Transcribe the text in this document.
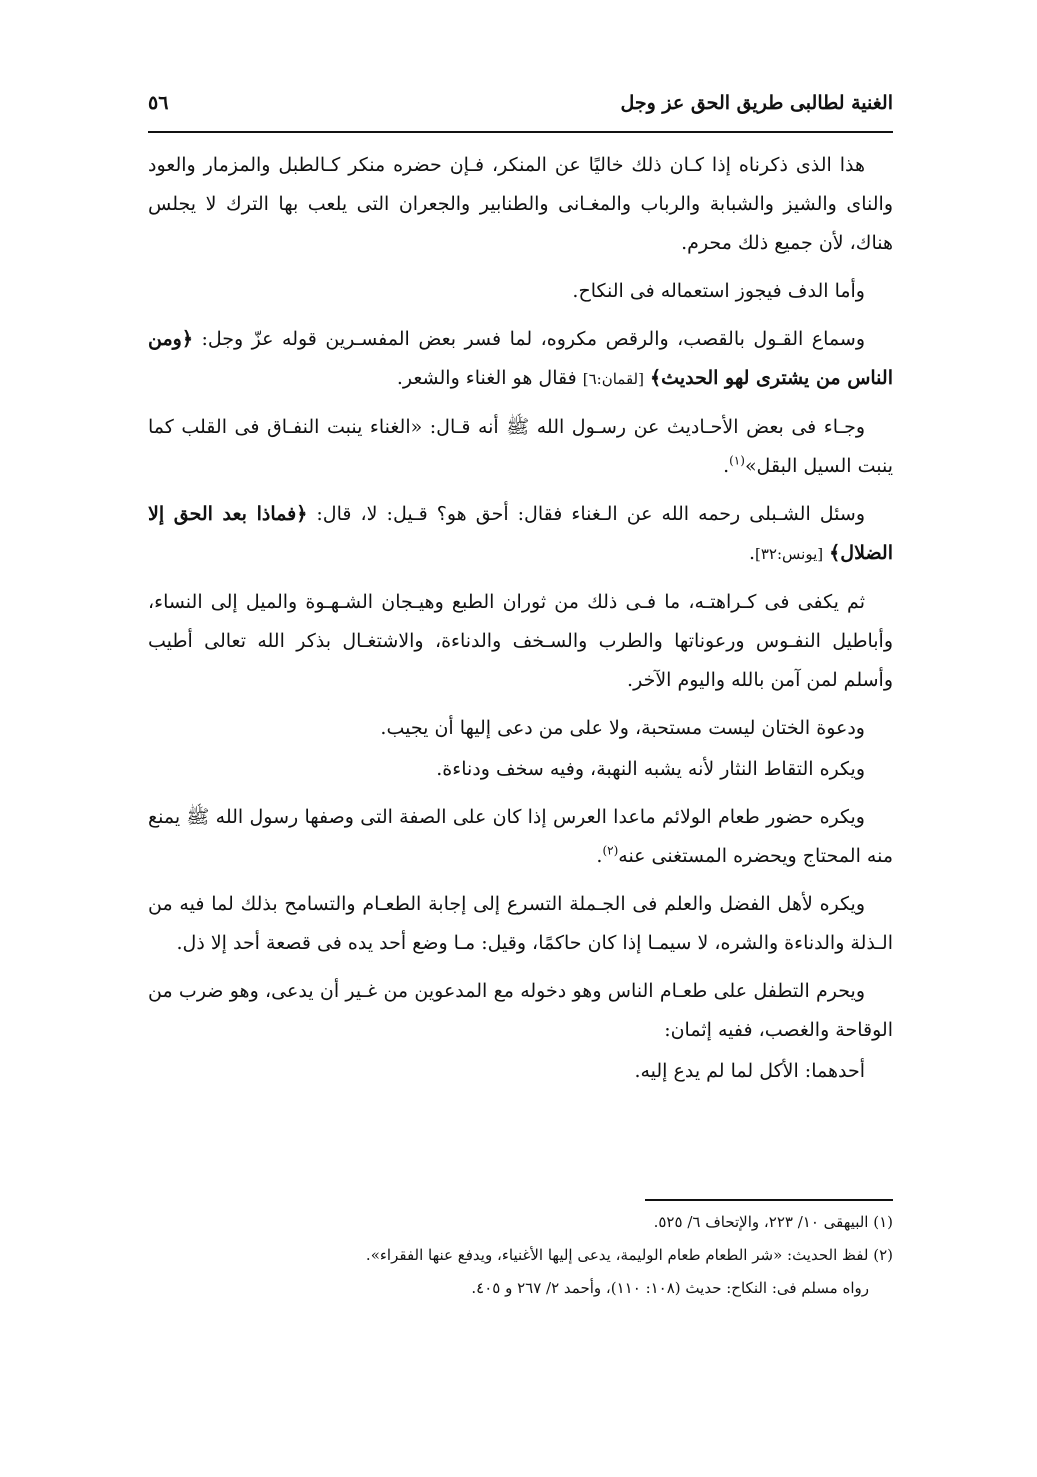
الغنية لطالبى طريق الحق عز وجل
٥٦

هذا الذى ذكرناه إذا كـان ذلك خاليًا عن المنكر، فـإن حضره منكر كـالطبل والمزمار والعود والناى والشيز والشبابة والرباب والمغـانى والطنابير والجعران التى يلعب بها الترك لا يجلس هناك، لأن جميع ذلك محرم.

وأما الدف فيجوز استعماله فى النكاح.

وسماع القـول بالقصب، والرقص مكروه، لما فسر بعض المفسـرين قوله عزّ وجل: ﴿ومن الناس من يشترى لهو الحديث﴾ [لقمان:٦] فقال هو الغناء والشعر.

وجـاء فى بعض الأحـاديث عن رسـول الله ﷺ أنه قـال: «الغناء ينبت النفـاق فى القلب كما ينبت السيل البقل»$^{(١)}$.

وسئل الشـبلى رحمه الله عن الـغناء فقال: أحق هو؟ قـيل: لا، قال: ﴿فماذا بعد الحق إلا الضلال﴾ [يونس:٣٢].

ثم يكفى فى كـراهتـه، ما فـى ذلك من ثوران الطبع وهيـجان الشـهـوة والميل إلى النساء، وأباطيل النفـوس ورعوناتها والطرب والسـخف والدناءة، والاشتغـال بذكر الله تعالى أطيب وأسلم لمن آمن بالله واليوم الآخر.

ودعوة الختان ليست مستحبة، ولا على من دعى إليها أن يجيب.

ويكره التقاط النثار لأنه يشبه النهبة، وفيه سخف ودناءة.

ويكره حضور طعام الولائم ماعدا العرس إذا كان على الصفة التى وصفها رسول الله ﷺ يمنع منه المحتاج ويحضره المستغنى عنه$^{(٢)}$.

ويكره لأهل الفضل والعلم فى الجـملة التسرع إلى إجابة الطعـام والتسامح بذلك لما فيه من الـذلة والدناءة والشره، لا سيمـا إذا كان حاكمًا، وقيل: مـا وضع أحد يده فى قصعة أحد إلا ذل.

ويحرم التطفل على طعـام الناس وهو دخوله مع المدعوين من غـير أن يدعى، وهو ضرب من الوقاحة والغصب، ففيه إثمان:

أحدهما: الأكل لما لم يدع إليه.

(١) البيهقى ١٠/ ٢٢٣، والإتحاف ٦/ ٥٢٥.

(٢) لفظ الحديث: «شر الطعام طعام الوليمة، يدعى إليها الأغنياء، ويدفع عنها الفقراء».

رواه مسلم فى: النكاح: حديث (١٠٨: ١١٠)، وأحمد ٢/ ٢٦٧ و ٤٠٥.
